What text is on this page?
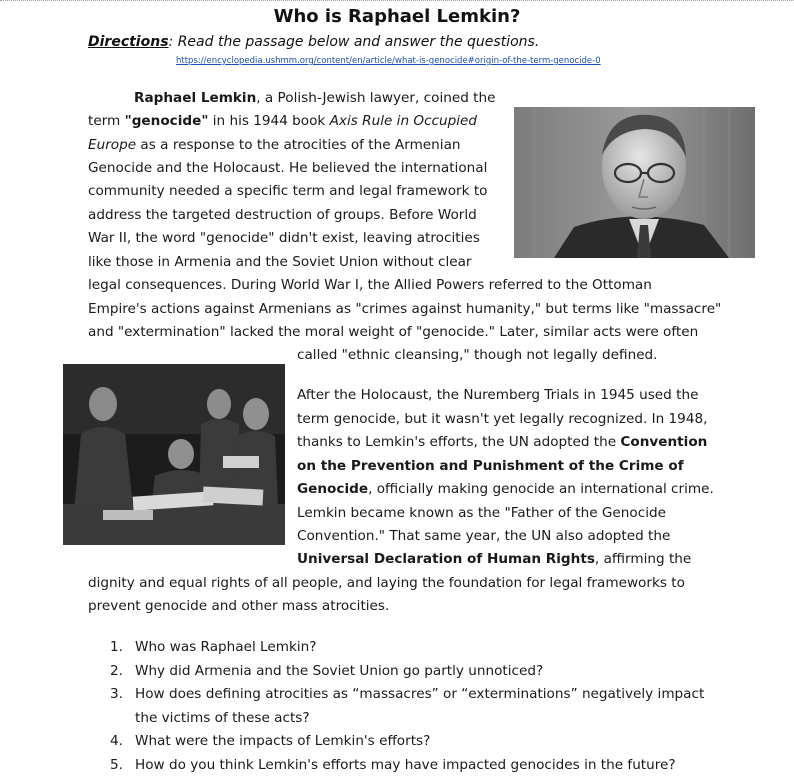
Who is Raphael Lemkin?
Directions: Read the passage below and answer the questions.
https://encyclopedia.ushmm.org/content/en/article/what-is-genocide#origin-of-the-term-genocide-0
Raphael Lemkin, a Polish-Jewish lawyer, coined the
term "genocide" in his 1944 book Axis Rule in Occupied
Europe as a response to the atrocities of the Armenian
Genocide and the Holocaust. He believed the international
community needed a specific term and legal framework to
address the targeted destruction of groups. Before World
War II, the word "genocide" didn't exist, leaving atrocities
like those in Armenia and the Soviet Union without clear
legal consequences. During World War I, the Allied Powers referred to the Ottoman
Empire's actions against Armenians as "crimes against humanity," but terms like "massacre"
and "extermination" lacked the moral weight of "genocide." Later, similar acts were often
called "ethnic cleansing," though not legally defined.
After the Holocaust, the Nuremberg Trials in 1945 used the
term genocide, but it wasn't yet legally recognized. In 1948,
thanks to Lemkin's efforts, the UN adopted the Convention
on the Prevention and Punishment of the Crime of
Genocide, officially making genocide an international crime.
Lemkin became known as the "Father of the Genocide
Convention." That same year, the UN also adopted the
Universal Declaration of Human Rights, affirming the
dignity and equal rights of all people, and laying the foundation for legal frameworks to
prevent genocide and other mass atrocities.
1. Who was Raphael Lemkin?
2. Why did Armenia and the Soviet Union go partly unnoticed?
3. How does defining atrocities as “massacres” or “exterminations” negatively impact
the victims of these acts?
4. What were the impacts of Lemkin's efforts?
5. How do you think Lemkin's efforts may have impacted genocides in the future?
